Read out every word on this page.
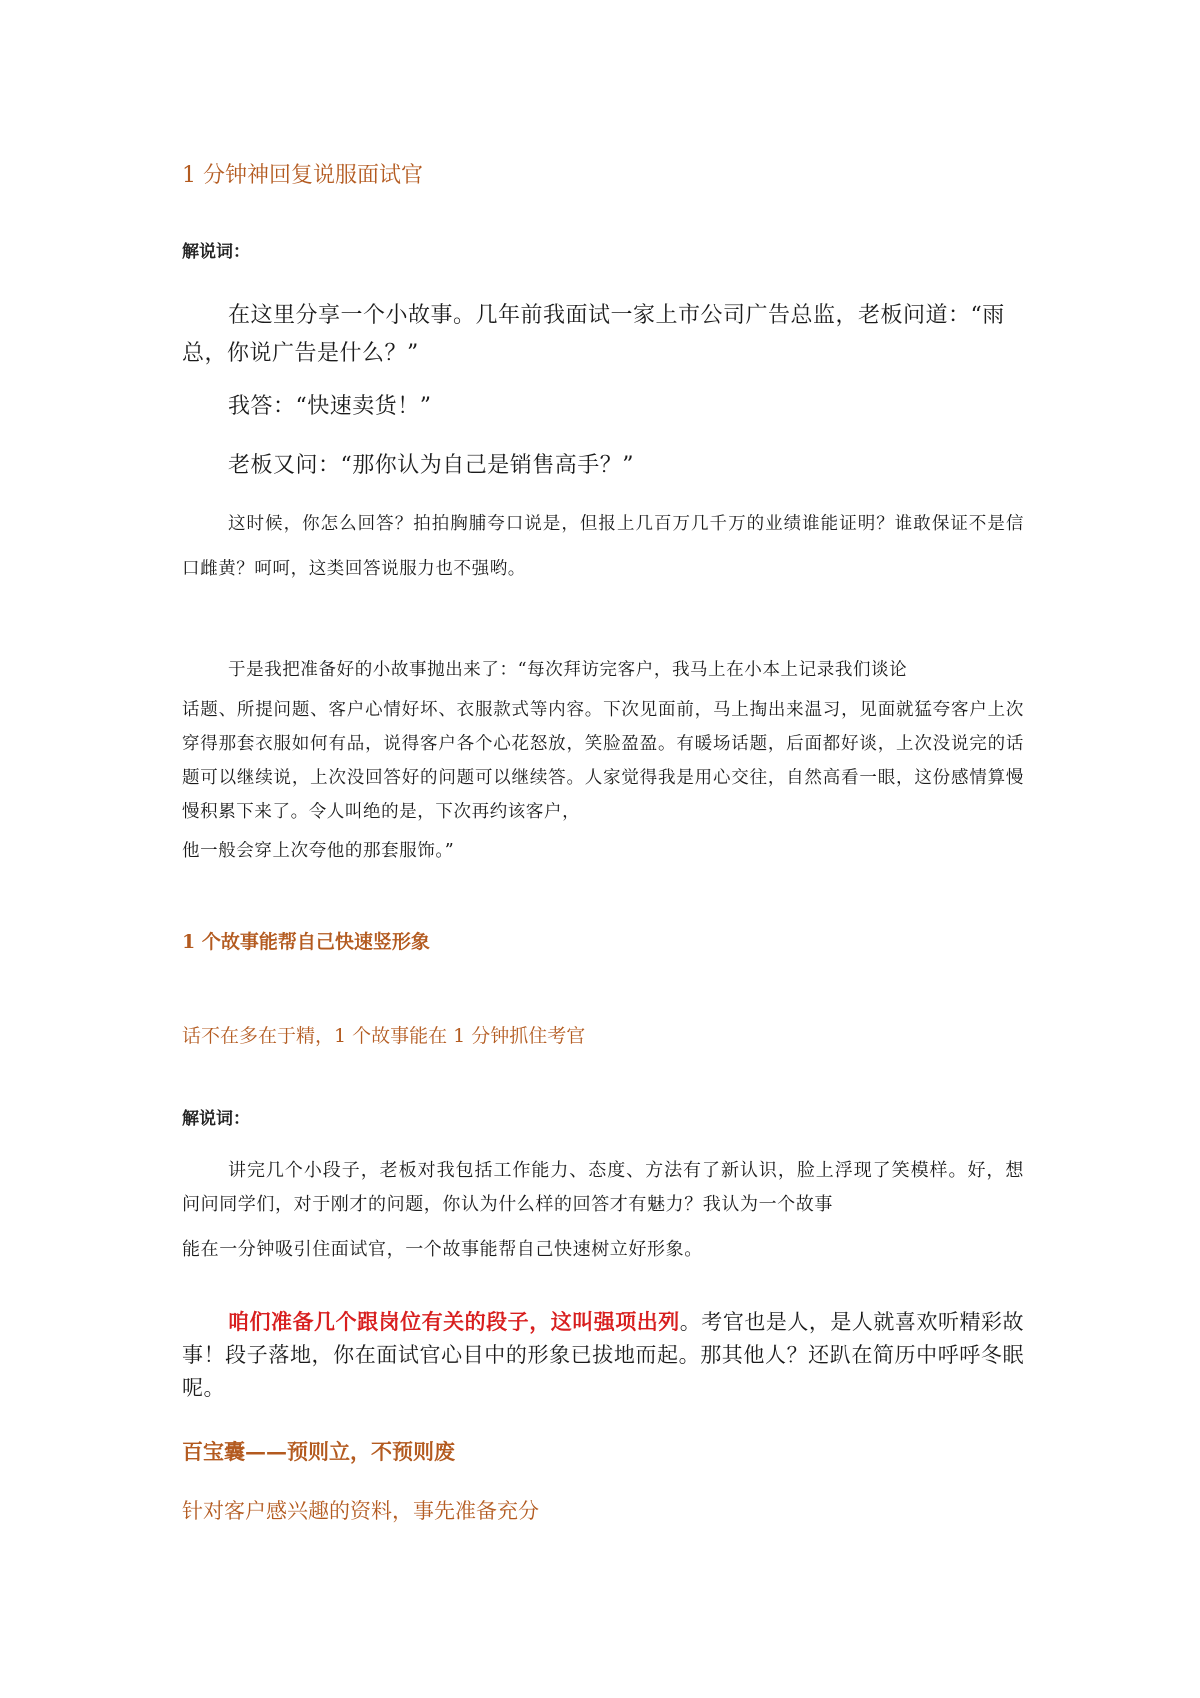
1 分钟神回复说服面试官
解说词：

在这里分享一个小故事。几年前我面试一家上市公司广告总监，老板问道：“雨总，你说广告是什么？”

我答：“快速卖货！”

老板又问：“那你认为自己是销售高手？”

这时候，你怎么回答？拍拍胸脯夸口说是，但报上几百万几千万的业绩谁能证明？谁敢保证不是信口雌黄？呵呵，这类回答说服力也不强哟。

于是我把准备好的小故事抛出来了：“每次拜访完客户，我马上在小本上记录我们谈论

话题、所提问题、客户心情好坏、衣服款式等内容。下次见面前，马上掏出来温习，见面就猛夸客户上次穿得那套衣服如何有品，说得客户各个心花怒放，笑脸盈盈。有暖场话题，后面都好谈，上次没说完的话题可以继续说，上次没回答好的问题可以继续答。人家觉得我是用心交往，自然高看一眼，这份感情算慢慢积累下来了。令人叫绝的是，下次再约该客户，

他一般会穿上次夸他的那套服饰。”

1 个故事能帮自己快速竖形象
话不在多在于精，1 个故事能在 1 分钟抓住考官
解说词：

讲完几个小段子，老板对我包括工作能力、态度、方法有了新认识，脸上浮现了笑模样。好，想问问同学们，对于刚才的问题，你认为什么样的回答才有魅力？我认为一个故事

能在一分钟吸引住面试官，一个故事能帮自己快速树立好形象。

咱们准备几个跟岗位有关的段子，这叫强项出列。考官也是人，是人就喜欢听精彩故事！段子落地，你在面试官心目中的形象已拔地而起。那其他人？还趴在简历中呼呼冬眠呢。

百宝囊——预则立，不预则废
针对客户感兴趣的资料，事先准备充分
